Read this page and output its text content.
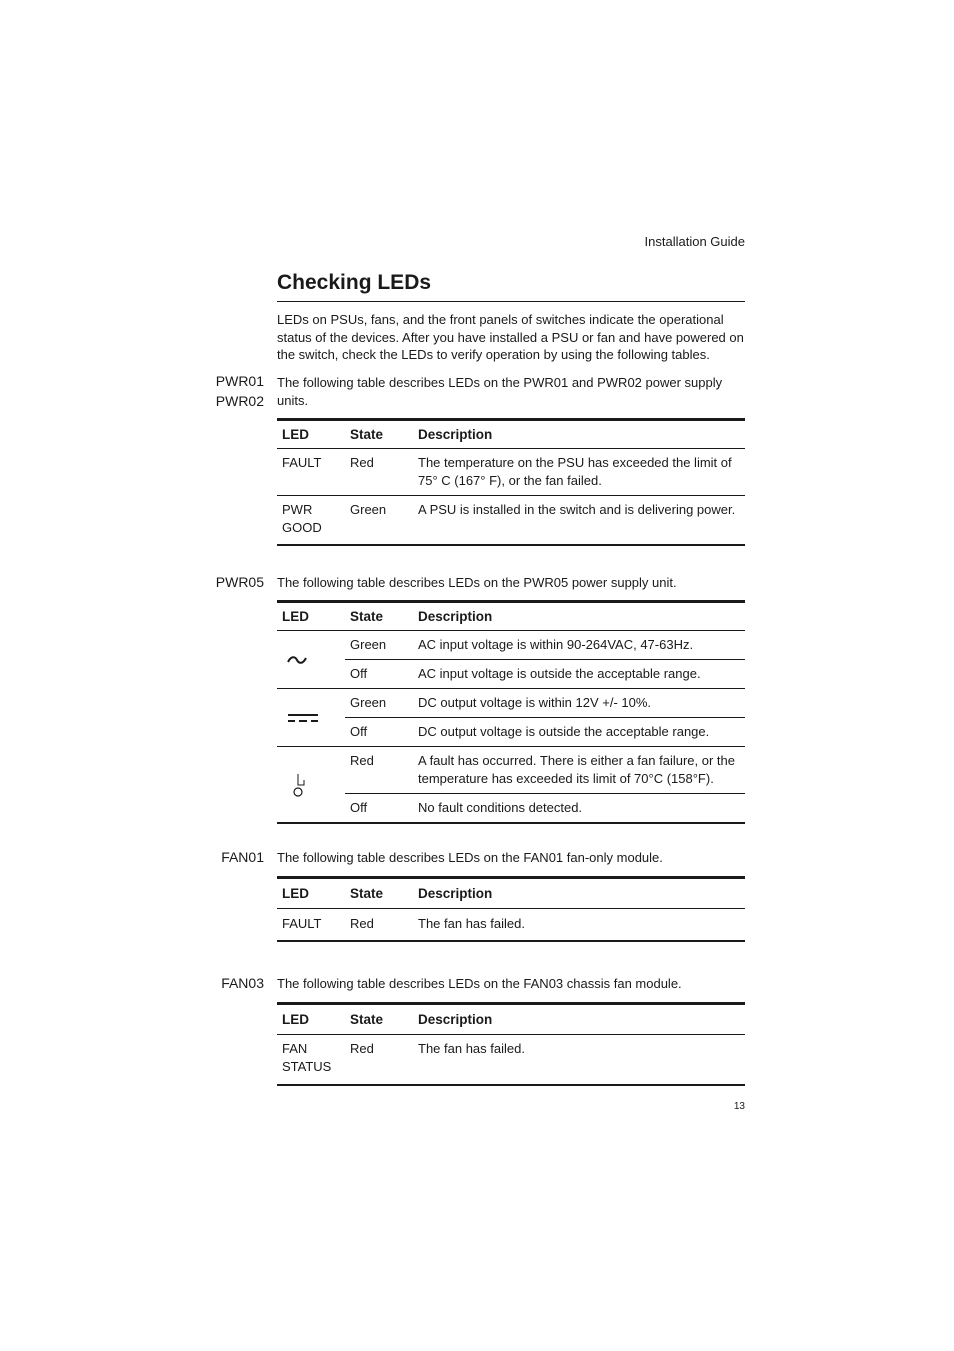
Installation Guide
Checking LEDs
LEDs on PSUs, fans, and the front panels of switches indicate the operational status of the devices. After you have installed a PSU or fan and have powered on the switch, check the LEDs to verify operation by using the following tables.
PWR01
PWR02
The following table describes LEDs on the PWR01 and PWR02 power supply units.
LED	State	Description
FAULT	Red	The temperature on the PSU has exceeded the limit of 75° C (167° F), or the fan failed.
PWR GOOD	Green	A PSU is installed in the switch and is delivering power.
PWR05 The following table describes LEDs on the PWR05 power supply unit.
LED	State	Description

	Green	AC input voltage is within 90-264VAC, 47-63Hz.
	Off	AC input voltage is outside the acceptable range.

	Green	DC output voltage is within 12V +/- 10%.
	Off	DC output voltage is outside the acceptable range.

	Red	A fault has occurred. There is either a fan failure, or the temperature has exceeded its limit of 70°C (158°F).
	Off	No fault conditions detected.
FAN01 The following table describes LEDs on the FAN01 fan-only module.
LED	State	Description
FAULT	Red	The fan has failed.
FAN03 The following table describes LEDs on the FAN03 chassis fan module.
LED	State	Description
FAN STATUS	Red	The fan has failed.
13
